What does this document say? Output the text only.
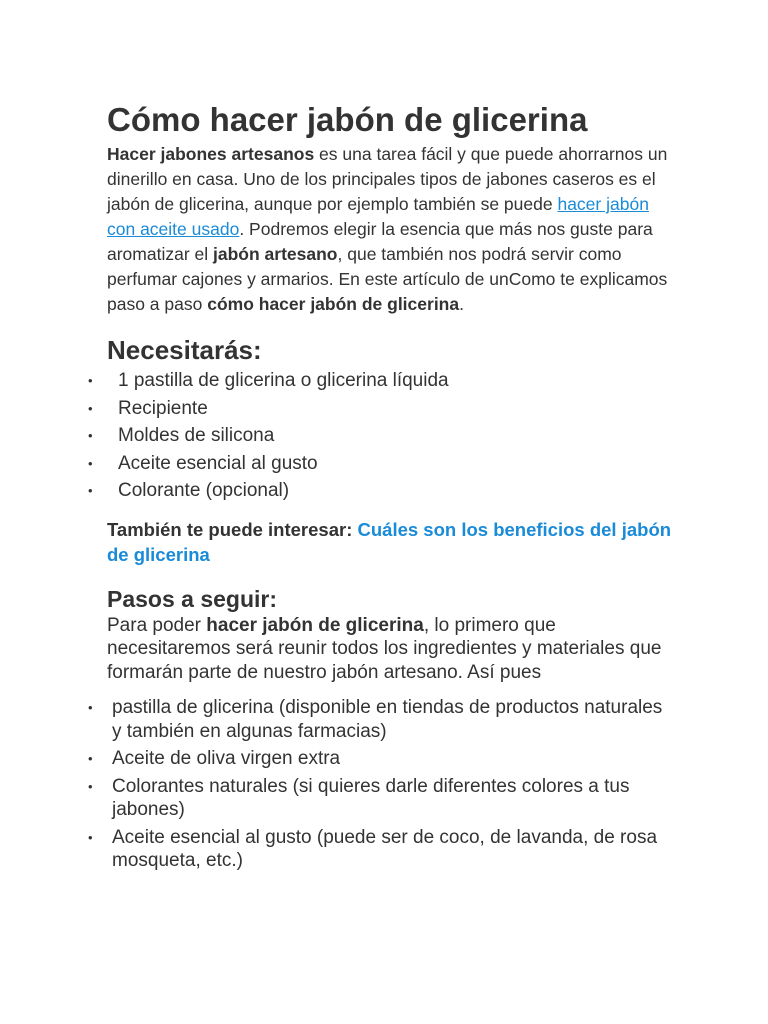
Cómo hacer jabón de glicerina

Hacer jabones artesanos es una tarea fácil y que puede ahorrarnos un dinerillo en casa. Uno de los principales tipos de jabones caseros es el jabón de glicerina, aunque por ejemplo también se puede hacer jabón con aceite usado. Podremos elegir la esencia que más nos guste para aromatizar el jabón artesano, que también nos podrá servir como perfumar cajones y armarios. En este artículo de unComo te explicamos paso a paso cómo hacer jabón de glicerina.

Necesitarás:
• 1 pastilla de glicerina o glicerina líquida
• Recipiente
• Moldes de silicona
• Aceite esencial al gusto
• Colorante (opcional)

También te puede interesar: Cuáles son los beneficios del jabón de glicerina

Pasos a seguir:

Para poder hacer jabón de glicerina, lo primero que necesitaremos será reunir todos los ingredientes y materiales que formarán parte de nuestro jabón artesano. Así pues

• pastilla de glicerina (disponible en tiendas de productos naturales y también en algunas farmacias)
• Aceite de oliva virgen extra
• Colorantes naturales (si quieres darle diferentes colores a tus jabones)
• Aceite esencial al gusto (puede ser de coco, de lavanda, de rosa mosqueta, etc.)
